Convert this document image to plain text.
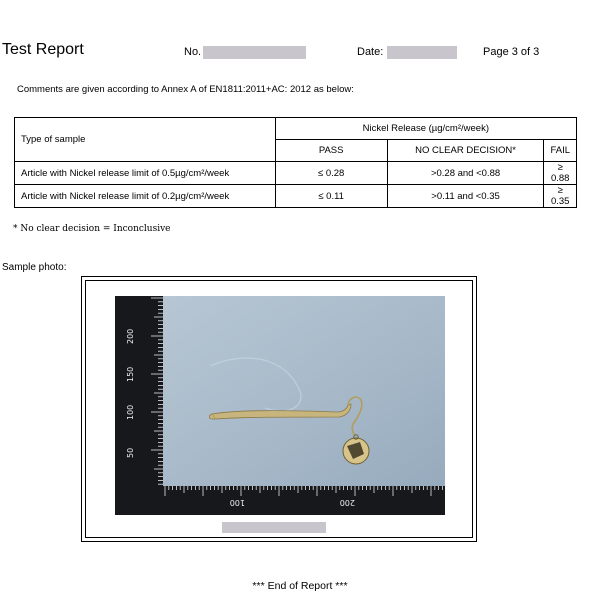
Test Report	No.	Date:	Page 3 of 3
Comments are given according to Annex A of EN1811:2011+AC: 2012 as below:
Type of sample	Nickel Release (µg/cm²/week)		
	PASS	NO CLEAR DECISION*	FAIL
Article with Nickel release limit of 0.5µg/cm²/week	≤ 0.28	>0.28 and <0.88	≥ 0.88
Article with Nickel release limit of 0.2µg/cm²/week	≤ 0.11	>0.11 and <0.35	≥ 0.35
* No clear decision = Inconclusive
Sample photo:
200
150
100
50
100	200
*** End of Report ***
